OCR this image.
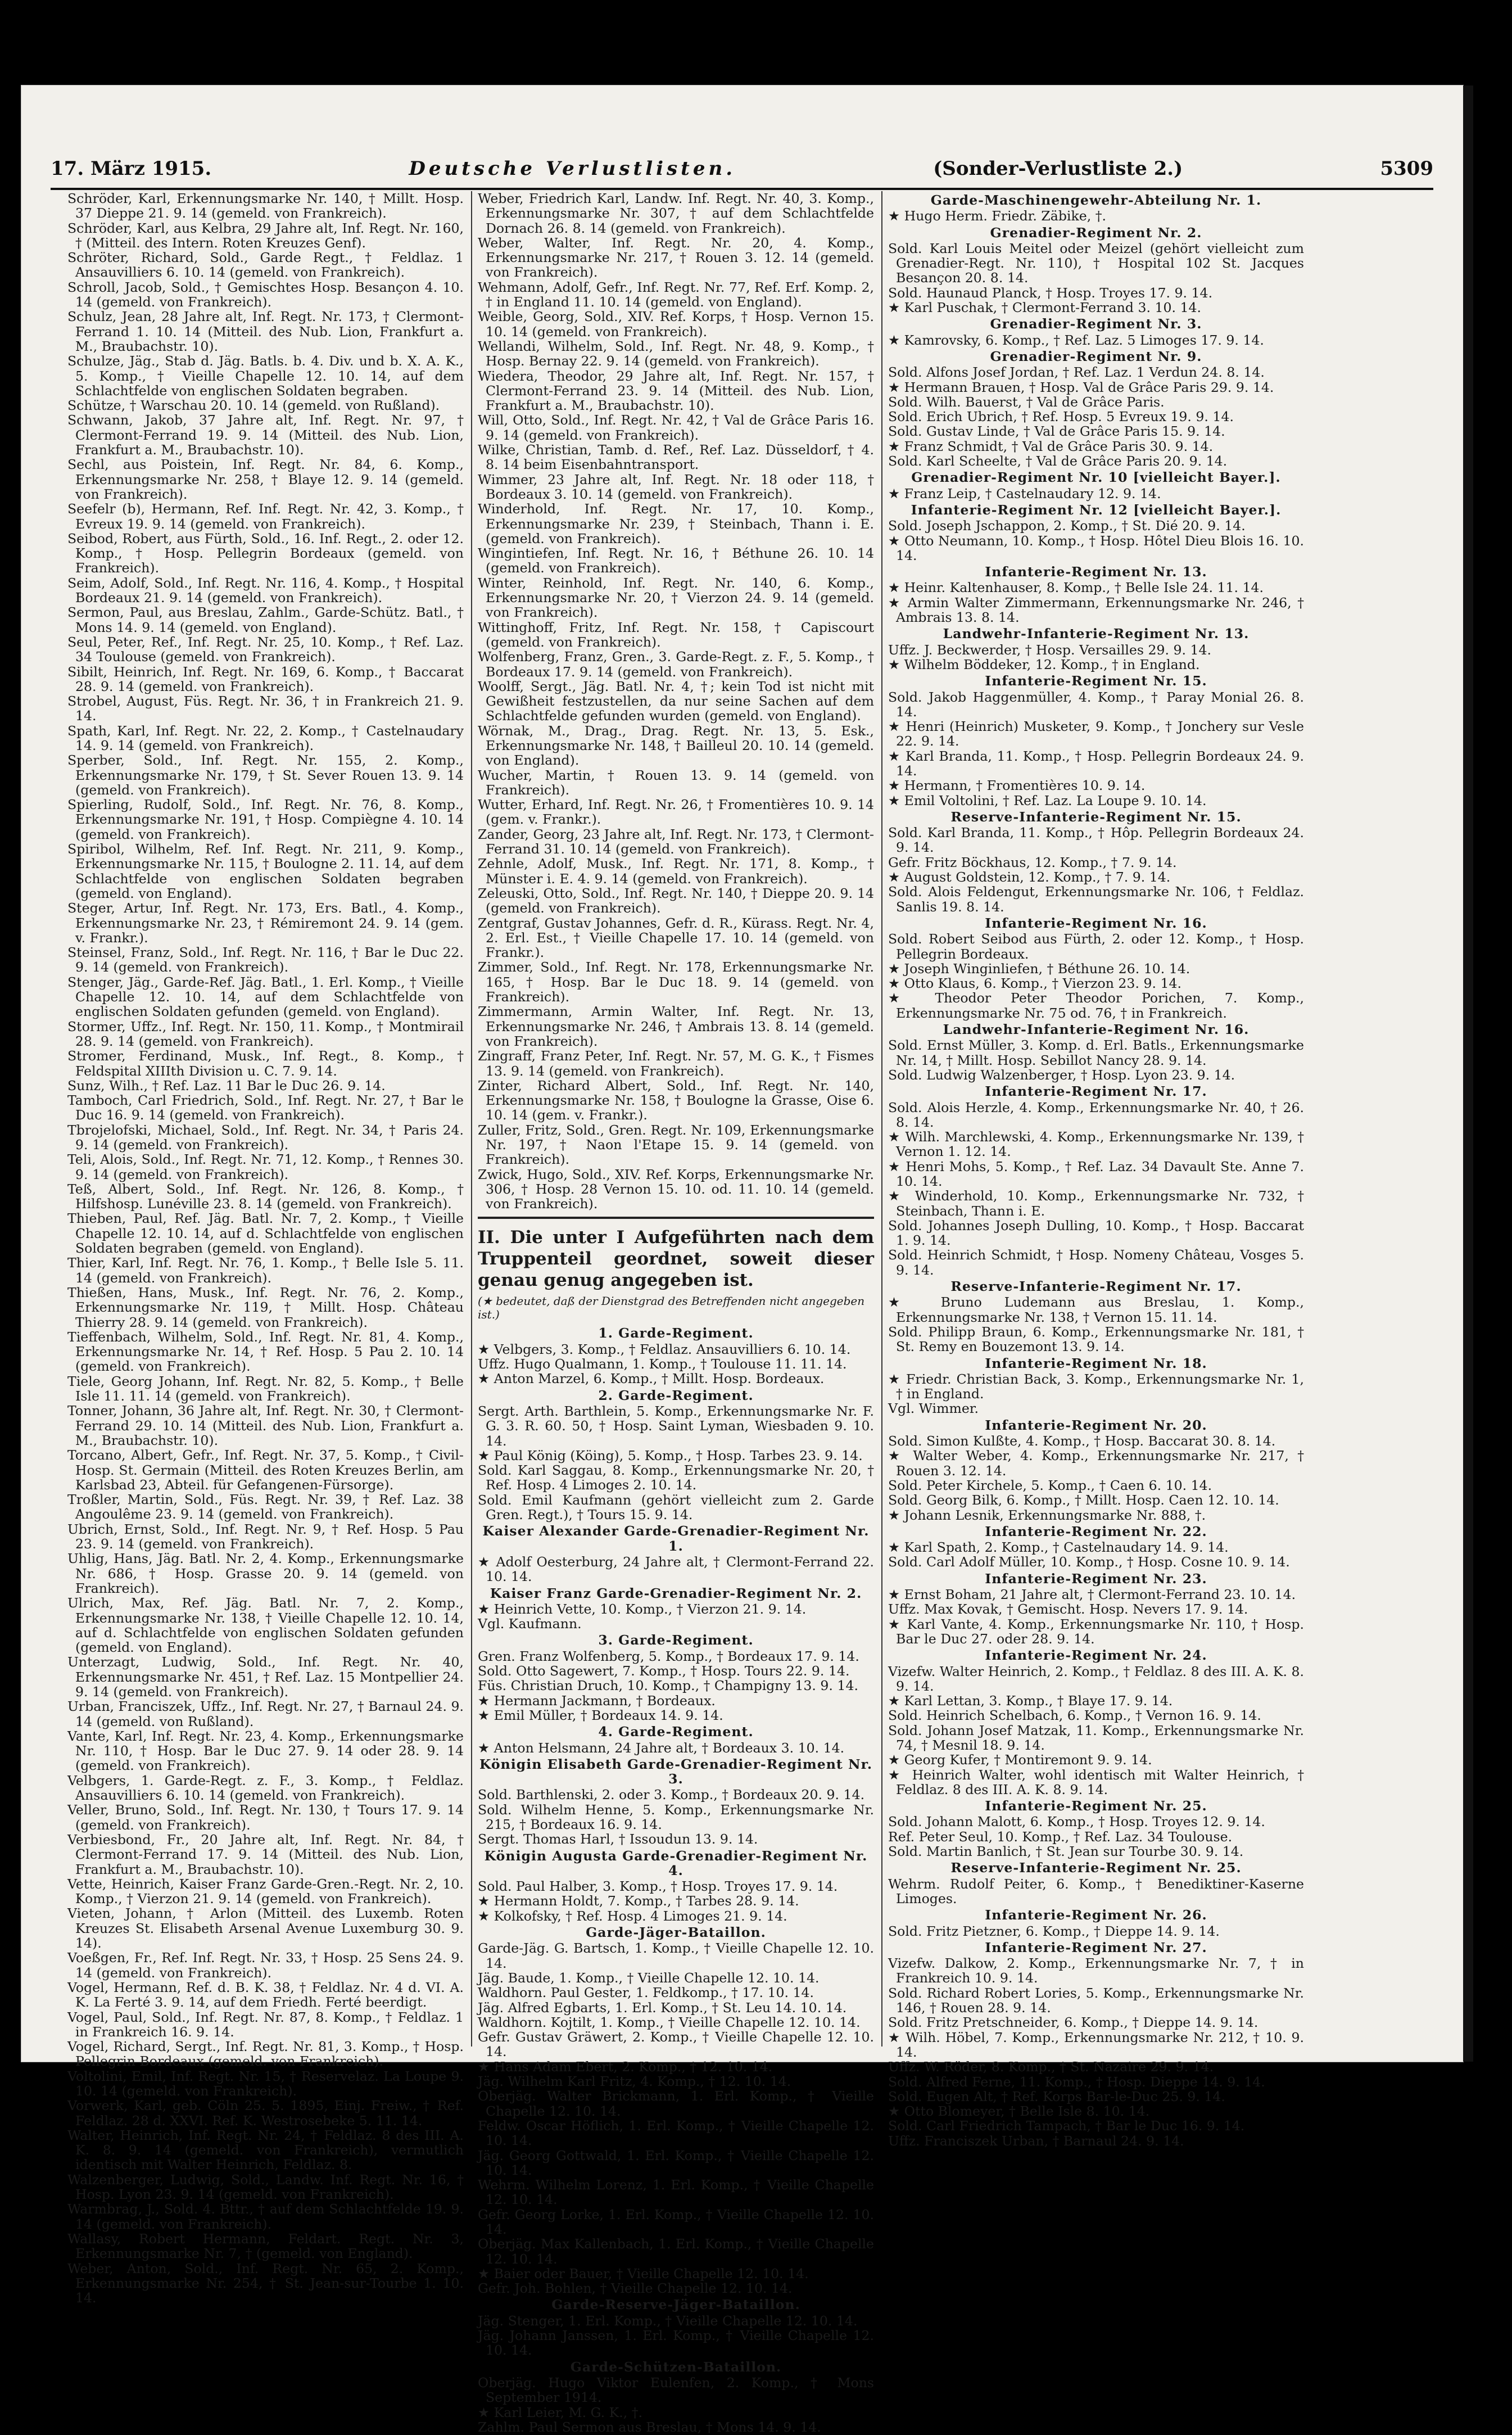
17. März 1915.	Deutsche Verlustlisten.	(Sonder-Verlustliste 2.)	5309

Schröder, Karl, Erkennungsmarke Nr. 140, † Millt. Hosp. 37 Dieppe 21. 9. 14 (gemeld. von Frankreich).

Schröder, Karl, aus Kelbra, 29 Jahre alt, Inf. Regt. Nr. 160, † (Mitteil. des Intern. Roten Kreuzes Genf).

Schröter, Richard, Sold., Garde Regt., † Feldlaz. 1 Ansauvilliers 6. 10. 14 (gemeld. von Frankreich).

Schroll, Jacob, Sold., † Gemischtes Hosp. Besançon 4. 10. 14 (gemeld. von Frankreich).

Schulz, Jean, 28 Jahre alt, Inf. Regt. Nr. 173, † Clermont-Ferrand 1. 10. 14 (Mitteil. des Nub. Lion, Frankfurt a. M., Braubachstr. 10).

Schulze, Jäg., Stab d. Jäg. Batls. b. 4. Div. und b. X. A. K., 5. Komp., † Vieille Chapelle 12. 10. 14, auf dem Schlachtfelde von englischen Soldaten begraben.

Schütze, † Warschau 20. 10. 14 (gemeld. von Rußland).

Schwann, Jakob, 37 Jahre alt, Inf. Regt. Nr. 97, † Clermont-Ferrand 19. 9. 14 (Mitteil. des Nub. Lion, Frankfurt a. M., Braubachstr. 10).

Sechl, aus Poistein, Inf. Regt. Nr. 84, 6. Komp., Erkennungsmarke Nr. 258, † Blaye 12. 9. 14 (gemeld. von Frankreich).

Seefelr (b), Hermann, Ref. Inf. Regt. Nr. 42, 3. Komp., † Evreux 19. 9. 14 (gemeld. von Frankreich).

Seibod, Robert, aus Fürth, Sold., 16. Inf. Regt., 2. oder 12. Komp., † Hosp. Pellegrin Bordeaux (gemeld. von Frankreich).

Seim, Adolf, Sold., Inf. Regt. Nr. 116, 4. Komp., † Hospital Bordeaux 21. 9. 14 (gemeld. von Frankreich).

Sermon, Paul, aus Breslau, Zahlm., Garde-Schütz. Batl., † Mons 14. 9. 14 (gemeld. von England).

Seul, Peter, Ref., Inf. Regt. Nr. 25, 10. Komp., † Ref. Laz. 34 Toulouse (gemeld. von Frankreich).

Sibilt, Heinrich, Inf. Regt. Nr. 169, 6. Komp., † Baccarat 28. 9. 14 (gemeld. von Frankreich).

Strobel, August, Füs. Regt. Nr. 36, † in Frankreich 21. 9. 14.

Spath, Karl, Inf. Regt. Nr. 22, 2. Komp., † Castelnaudary 14. 9. 14 (gemeld. von Frankreich).

Sperber, Sold., Inf. Regt. Nr. 155, 2. Komp., Erkennungsmarke Nr. 179, † St. Sever Rouen 13. 9. 14 (gemeld. von Frankreich).

Spierling, Rudolf, Sold., Inf. Regt. Nr. 76, 8. Komp., Erkennungsmarke Nr. 191, † Hosp. Compiègne 4. 10. 14 (gemeld. von Frankreich).

Spiribol, Wilhelm, Ref. Inf. Regt. Nr. 211, 9. Komp., Erkennungsmarke Nr. 115, † Boulogne 2. 11. 14, auf dem Schlachtfelde von englischen Soldaten begraben (gemeld. von England).

Steger, Artur, Inf. Regt. Nr. 173, Ers. Batl., 4. Komp., Erkennungsmarke Nr. 23, † Rémiremont 24. 9. 14 (gem. v. Frankr.).

Steinsel, Franz, Sold., Inf. Regt. Nr. 116, † Bar le Duc 22. 9. 14 (gemeld. von Frankreich).

Stenger, Jäg., Garde-Ref. Jäg. Batl., 1. Erl. Komp., † Vieille Chapelle 12. 10. 14, auf dem Schlachtfelde von englischen Soldaten gefunden (gemeld. von England).

Stormer, Uffz., Inf. Regt. Nr. 150, 11. Komp., † Montmirail 28. 9. 14 (gemeld. von Frankreich).

Stromer, Ferdinand, Musk., Inf. Regt., 8. Komp., † Feldspital XIIIth Division u. C. 7. 9. 14.

Sunz, Wilh., † Ref. Laz. 11 Bar le Duc 26. 9. 14.

Tamboch, Carl Friedrich, Sold., Inf. Regt. Nr. 27, † Bar le Duc 16. 9. 14 (gemeld. von Frankreich).

Tbrojelofski, Michael, Sold., Inf. Regt. Nr. 34, † Paris 24. 9. 14 (gemeld. von Frankreich).

Teli, Alois, Sold., Inf. Regt. Nr. 71, 12. Komp., † Rennes 30. 9. 14 (gemeld. von Frankreich).

Teß, Albert, Sold., Inf. Regt. Nr. 126, 8. Komp., † Hilfshosp. Lunéville 23. 8. 14 (gemeld. von Frankreich).

Thieben, Paul, Ref. Jäg. Batl. Nr. 7, 2. Komp., † Vieille Chapelle 12. 10. 14, auf d. Schlachtfelde von englischen Soldaten begraben (gemeld. von England).

Thier, Karl, Inf. Regt. Nr. 76, 1. Komp., † Belle Isle 5. 11. 14 (gemeld. von Frankreich).

Thießen, Hans, Musk., Inf. Regt. Nr. 76, 2. Komp., Erkennungsmarke Nr. 119, † Millt. Hosp. Château Thierry 28. 9. 14 (gemeld. von Frankreich).

Tieffenbach, Wilhelm, Sold., Inf. Regt. Nr. 81, 4. Komp., Erkennungsmarke Nr. 14, † Ref. Hosp. 5 Pau 2. 10. 14 (gemeld. von Frankreich).

Tiele, Georg Johann, Inf. Regt. Nr. 82, 5. Komp., † Belle Isle 11. 11. 14 (gemeld. von Frankreich).

Tonner, Johann, 36 Jahre alt, Inf. Regt. Nr. 30, † Clermont-Ferrand 29. 10. 14 (Mitteil. des Nub. Lion, Frankfurt a. M., Braubachstr. 10).

Torcano, Albert, Gefr., Inf. Regt. Nr. 37, 5. Komp., † Civil-Hosp. St. Germain (Mitteil. des Roten Kreuzes Berlin, am Karlsbad 23, Abteil. für Gefangenen-Fürsorge).

Troßler, Martin, Sold., Füs. Regt. Nr. 39, † Ref. Laz. 38 Angoulême 23. 9. 14 (gemeld. von Frankreich).

Ubrich, Ernst, Sold., Inf. Regt. Nr. 9, † Ref. Hosp. 5 Pau 23. 9. 14 (gemeld. von Frankreich).

Uhlig, Hans, Jäg. Batl. Nr. 2, 4. Komp., Erkennungsmarke Nr. 686, † Hosp. Grasse 20. 9. 14 (gemeld. von Frankreich).

Ulrich, Max, Ref. Jäg. Batl. Nr. 7, 2. Komp., Erkennungsmarke Nr. 138, † Vieille Chapelle 12. 10. 14, auf d. Schlachtfelde von englischen Soldaten gefunden (gemeld. von England).

Unterzagt, Ludwig, Sold., Inf. Regt. Nr. 40, Erkennungsmarke Nr. 451, † Ref. Laz. 15 Montpellier 24. 9. 14 (gemeld. von Frankreich).

Urban, Franciszek, Uffz., Inf. Regt. Nr. 27, † Barnaul 24. 9. 14 (gemeld. von Rußland).

Vante, Karl, Inf. Regt. Nr. 23, 4. Komp., Erkennungsmarke Nr. 110, † Hosp. Bar le Duc 27. 9. 14 oder 28. 9. 14 (gemeld. von Frankreich).

Velbgers, 1. Garde-Regt. z. F., 3. Komp., † Feldlaz. Ansauvilliers 6. 10. 14 (gemeld. von Frankreich).

Veller, Bruno, Sold., Inf. Regt. Nr. 130, † Tours 17. 9. 14 (gemeld. von Frankreich).

Verbiesbond, Fr., 20 Jahre alt, Inf. Regt. Nr. 84, † Clermont-Ferrand 17. 9. 14 (Mitteil. des Nub. Lion, Frankfurt a. M., Braubachstr. 10).

Vette, Heinrich, Kaiser Franz Garde-Gren.-Regt. Nr. 2, 10. Komp., † Vierzon 21. 9. 14 (gemeld. von Frankreich).

Vieten, Johann, † Arlon (Mitteil. des Luxemb. Roten Kreuzes St. Elisabeth Arsenal Avenue Luxemburg 30. 9. 14).

Voeßgen, Fr., Ref. Inf. Regt. Nr. 33, † Hosp. 25 Sens 24. 9. 14 (gemeld. von Frankreich).

Vogel, Hermann, Ref. d. B. K. 38, † Feldlaz. Nr. 4 d. VI. A. K. La Ferté 3. 9. 14, auf dem Friedh. Ferté beerdigt.

Vogel, Paul, Sold., Inf. Regt. Nr. 87, 8. Komp., † Feldlaz. 1 in Frankreich 16. 9. 14.

Vogel, Richard, Sergt., Inf. Regt. Nr. 81, 3. Komp., † Hosp. Pellegrin Bordeaux (gemeld. von Frankreich).

Voltolini, Emil, Inf. Regt. Nr. 15, † Reservelaz. La Loupe 9. 10. 14 (gemeld. von Frankreich).

Vorwerk, Karl, geb. Cöln 25. 5. 1895, Einj. Freiw., † Ref. Feldlaz. 28 d. XXVI. Ref. K. Westrosebeke 5. 11. 14.

Walter, Heinrich, Inf. Regt. Nr. 24, † Feldlaz. 8 des III. A. K. 8. 9. 14 (gemeld. von Frankreich), vermutlich identisch mit Walter Heinrich, Feldlaz. 8.

Walzenberger, Ludwig, Sold., Landw. Inf. Regt. Nr. 16, † Hosp. Lyon 23. 9. 14 (gemeld. von Frankreich).

Warmbrag, J., Sold. 4. Bttr., † auf dem Schlachtfelde 19. 9. 14 (gemeld. von Frankreich).

Wallasy, Robert Hermann, Feldart. Regt. Nr. 3, Erkennungsmarke Nr. 7, † (gemeld. von England).

Weber, Anton, Sold., Inf. Regt. Nr. 65, 2. Komp., Erkennungsmarke Nr. 254, † St. Jean-sur-Tourbe 1. 10. 14.

Weber, Friedrich Karl, Landw. Inf. Regt. Nr. 40, 3. Komp., Erkennungsmarke Nr. 307, † auf dem Schlachtfelde Dornach 26. 8. 14 (gemeld. von Frankreich).

Weber, Walter, Inf. Regt. Nr. 20, 4. Komp., Erkennungsmarke Nr. 217, † Rouen 3. 12. 14 (gemeld. von Frankreich).

Wehmann, Adolf, Gefr., Inf. Regt. Nr. 77, Ref. Erf. Komp. 2, † in England 11. 10. 14 (gemeld. von England).

Weible, Georg, Sold., XIV. Ref. Korps, † Hosp. Vernon 15. 10. 14 (gemeld. von Frankreich).

Wellandi, Wilhelm, Sold., Inf. Regt. Nr. 48, 9. Komp., † Hosp. Bernay 22. 9. 14 (gemeld. von Frankreich).

Wiedera, Theodor, 29 Jahre alt, Inf. Regt. Nr. 157, † Clermont-Ferrand 23. 9. 14 (Mitteil. des Nub. Lion, Frankfurt a. M., Braubachstr. 10).

Will, Otto, Sold., Inf. Regt. Nr. 42, † Val de Grâce Paris 16. 9. 14 (gemeld. von Frankreich).

Wilke, Christian, Tamb. d. Ref., Ref. Laz. Düsseldorf, † 4. 8. 14 beim Eisenbahntransport.

Wimmer, 23 Jahre alt, Inf. Regt. Nr. 18 oder 118, † Bordeaux 3. 10. 14 (gemeld. von Frankreich).

Winderhold, Inf. Regt. Nr. 17, 10. Komp., Erkennungsmarke Nr. 239, † Steinbach, Thann i. E. (gemeld. von Frankreich).

Wingintiefen, Inf. Regt. Nr. 16, † Béthune 26. 10. 14 (gemeld. von Frankreich).

Winter, Reinhold, Inf. Regt. Nr. 140, 6. Komp., Erkennungsmarke Nr. 20, † Vierzon 24. 9. 14 (gemeld. von Frankreich).

Wittinghoff, Fritz, Inf. Regt. Nr. 158, † Capiscourt (gemeld. von Frankreich).

Wolfenberg, Franz, Gren., 3. Garde-Regt. z. F., 5. Komp., † Bordeaux 17. 9. 14 (gemeld. von Frankreich).

Woolff, Sergt., Jäg. Batl. Nr. 4, †; kein Tod ist nicht mit Gewißheit festzustellen, da nur seine Sachen auf dem Schlachtfelde gefunden wurden (gemeld. von England).

Wörnak, M., Drag., Drag. Regt. Nr. 13, 5. Esk., Erkennungsmarke Nr. 148, † Bailleul 20. 10. 14 (gemeld. von England).

Wucher, Martin, † Rouen 13. 9. 14 (gemeld. von Frankreich).

Wutter, Erhard, Inf. Regt. Nr. 26, † Fromentières 10. 9. 14 (gem. v. Frankr.).

Zander, Georg, 23 Jahre alt, Inf. Regt. Nr. 173, † Clermont-Ferrand 31. 10. 14 (gemeld. von Frankreich).

Zehnle, Adolf, Musk., Inf. Regt. Nr. 171, 8. Komp., † Münster i. E. 4. 9. 14 (gemeld. von Frankreich).

Zeleuski, Otto, Sold., Inf. Regt. Nr. 140, † Dieppe 20. 9. 14 (gemeld. von Frankreich).

Zentgraf, Gustav Johannes, Gefr. d. R., Kürass. Regt. Nr. 4, 2. Erl. Est., † Vieille Chapelle 17. 10. 14 (gemeld. von Frankr.).

Zimmer, Sold., Inf. Regt. Nr. 178, Erkennungsmarke Nr. 165, † Hosp. Bar le Duc 18. 9. 14 (gemeld. von Frankreich).

Zimmermann, Armin Walter, Inf. Regt. Nr. 13, Erkennungsmarke Nr. 246, † Ambrais 13. 8. 14 (gemeld. von Frankreich).

Zingraff, Franz Peter, Inf. Regt. Nr. 57, M. G. K., † Fismes 13. 9. 14 (gemeld. von Frankreich).

Zinter, Richard Albert, Sold., Inf. Regt. Nr. 140, Erkennungsmarke Nr. 158, † Boulogne la Grasse, Oise 6. 10. 14 (gem. v. Frankr.).

Zuller, Fritz, Sold., Gren. Regt. Nr. 109, Erkennungsmarke Nr. 197, † Naon l'Etape 15. 9. 14 (gemeld. von Frankreich).

Zwick, Hugo, Sold., XIV. Ref. Korps, Erkennungsmarke Nr. 306, † Hosp. 28 Vernon 15. 10. od. 11. 10. 14 (gemeld. von Frankreich).

II. Die unter I Aufgeführten nach dem Truppenteil geordnet, soweit dieser genau genug angegeben ist.

(★ bedeutet, daß der Dienstgrad des Betreffenden nicht angegeben ist.)

1. Garde-Regiment.

★ Velbgers, 3. Komp., † Feldlaz. Ansauvilliers 6. 10. 14.

Uffz. Hugo Qualmann, 1. Komp., † Toulouse 11. 11. 14.

★ Anton Marzel, 6. Komp., † Millt. Hosp. Bordeaux.

2. Garde-Regiment.

Sergt. Arth. Barthlein, 5. Komp., Erkennungsmarke Nr. F. G. 3. R. 60. 50, † Hosp. Saint Lyman, Wiesbaden 9. 10. 14.

★ Paul König (Köing), 5. Komp., † Hosp. Tarbes 23. 9. 14.

Sold. Karl Saggau, 8. Komp., Erkennungsmarke Nr. 20, † Ref. Hosp. 4 Limoges 2. 10. 14.

Sold. Emil Kaufmann (gehört vielleicht zum 2. Garde Gren. Regt.), † Tours 15. 9. 14.

Kaiser Alexander Garde-Grenadier-Regiment Nr. 1.

★ Adolf Oesterburg, 24 Jahre alt, † Clermont-Ferrand 22. 10. 14.

Kaiser Franz Garde-Grenadier-Regiment Nr. 2.

★ Heinrich Vette, 10. Komp., † Vierzon 21. 9. 14.

Vgl. Kaufmann.

3. Garde-Regiment.

Gren. Franz Wolfenberg, 5. Komp., † Bordeaux 17. 9. 14.

Sold. Otto Sagewert, 7. Komp., † Hosp. Tours 22. 9. 14.

Füs. Christian Druch, 10. Komp., † Champigny 13. 9. 14.

★ Hermann Jackmann, † Bordeaux.

★ Emil Müller, † Bordeaux 14. 9. 14.

4. Garde-Regiment.

★ Anton Helsmann, 24 Jahre alt, † Bordeaux 3. 10. 14.

Königin Elisabeth Garde-Grenadier-Regiment Nr. 3.

Sold. Barthlenski, 2. oder 3. Komp., † Bordeaux 20. 9. 14.

Sold. Wilhelm Henne, 5. Komp., Erkennungsmarke Nr. 215, † Bordeaux 16. 9. 14.

Sergt. Thomas Harl, † Issoudun 13. 9. 14.

Königin Augusta Garde-Grenadier-Regiment Nr. 4.

Sold. Paul Halber, 3. Komp., † Hosp. Troyes 17. 9. 14.

★ Hermann Holdt, 7. Komp., † Tarbes 28. 9. 14.

★ Kolkofsky, † Ref. Hosp. 4 Limoges 21. 9. 14.

Garde-Jäger-Bataillon.

Garde-Jäg. G. Bartsch, 1. Komp., † Vieille Chapelle 12. 10. 14.

Jäg. Baude, 1. Komp., † Vieille Chapelle 12. 10. 14.

Waldhorn. Paul Gester, 1. Feldkomp., † 17. 10. 14.

Jäg. Alfred Egbarts, 1. Erl. Komp., † St. Leu 14. 10. 14.

Waldhorn. Kojtilt, 1. Komp., † Vieille Chapelle 12. 10. 14.

Gefr. Gustav Gräwert, 2. Komp., † Vieille Chapelle 12. 10. 14.

★ Hans Adam Ebert, 2. Komp., † 12. 10. 14.

Jäg. Wilhelm Karl Fritz, 4. Komp., † 12. 10. 14.

Oberjäg. Walter Brickmann, 1. Erl. Komp., † Vieille Chapelle 12. 10. 14.

Feldw. Oscar Höflich, 1. Erl. Komp., † Vieille Chapelle 12. 10. 14.

Jäg. Georg Gottwald, 1. Erl. Komp., † Vieille Chapelle 12. 10. 14.

Wehrm. Wilhelm Lorenz, 1. Erl. Komp., † Vieille Chapelle 12. 10. 14.

Gefr. Georg Lorke, 1. Erl. Komp., † Vieille Chapelle 12. 10. 14.

Oberjäg. Max Kallenbach, 1. Erl. Komp., † Vieille Chapelle 12. 10. 14.

★ Baier oder Bauer, † Vieille Chapelle 12. 10. 14.

Gefr. Joh. Bohlen, † Vieille Chapelle 12. 10. 14.

Garde-Reserve-Jäger-Bataillon.

Jäg. Stenger, 1. Erl. Komp., † Vieille Chapelle 12. 10. 14.

Jäg. Johann Janssen, 1. Erl. Komp., † Vieille Chapelle 12. 10. 14.

Garde-Schützen-Bataillon.

Oberjäg. Hugo Viktor Eulenfen, 2. Komp., † Mons September 1914.

★ Karl Leier, M. G. K., †.

Zahlm. Paul Sermon aus Breslau, † Mons 14. 9. 14.

Garde-Maschinengewehr-Abteilung Nr. 1.

★ Hugo Herm. Friedr. Zäbike, †.

Grenadier-Regiment Nr. 2.

Sold. Karl Louis Meitel oder Meizel (gehört vielleicht zum Grenadier-Regt. Nr. 110), † Hospital 102 St. Jacques Besançon 20. 8. 14.

Sold. Haunaud Planck, † Hosp. Troyes 17. 9. 14.

★ Karl Puschak, † Clermont-Ferrand 3. 10. 14.

Grenadier-Regiment Nr. 3.

★ Kamrovsky, 6. Komp., † Ref. Laz. 5 Limoges 17. 9. 14.

Grenadier-Regiment Nr. 9.

Sold. Alfons Josef Jordan, † Ref. Laz. 1 Verdun 24. 8. 14.

★ Hermann Brauen, † Hosp. Val de Grâce Paris 29. 9. 14.

Sold. Wilh. Bauerst, † Val de Grâce Paris.

Sold. Erich Ubrich, † Ref. Hosp. 5 Evreux 19. 9. 14.

Sold. Gustav Linde, † Val de Grâce Paris 15. 9. 14.

★ Franz Schmidt, † Val de Grâce Paris 30. 9. 14.

Sold. Karl Scheelte, † Val de Grâce Paris 20. 9. 14.

Grenadier-Regiment Nr. 10 [vielleicht Bayer.].

★ Franz Leip, † Castelnaudary 12. 9. 14.

Infanterie-Regiment Nr. 12 [vielleicht Bayer.].

Sold. Joseph Jschappon, 2. Komp., † St. Dié 20. 9. 14.

★ Otto Neumann, 10. Komp., † Hosp. Hôtel Dieu Blois 16. 10. 14.

Infanterie-Regiment Nr. 13.

★ Heinr. Kaltenhauser, 8. Komp., † Belle Isle 24. 11. 14.

★ Armin Walter Zimmermann, Erkennungsmarke Nr. 246, † Ambrais 13. 8. 14.

Landwehr-Infanterie-Regiment Nr. 13.

Uffz. J. Beckwerder, † Hosp. Versailles 29. 9. 14.

★ Wilhelm Böddeker, 12. Komp., † in England.

Infanterie-Regiment Nr. 15.

Sold. Jakob Haggenmüller, 4. Komp., † Paray Monial 26. 8. 14.

★ Henri (Heinrich) Musketer, 9. Komp., † Jonchery sur Vesle 22. 9. 14.

★ Karl Branda, 11. Komp., † Hosp. Pellegrin Bordeaux 24. 9. 14.

★ Hermann, † Fromentières 10. 9. 14.

★ Emil Voltolini, † Ref. Laz. La Loupe 9. 10. 14.

Reserve-Infanterie-Regiment Nr. 15.

Sold. Karl Branda, 11. Komp., † Hôp. Pellegrin Bordeaux 24. 9. 14.

Gefr. Fritz Böckhaus, 12. Komp., † 7. 9. 14.

★ August Goldstein, 12. Komp., † 7. 9. 14.

Sold. Alois Feldengut, Erkennungsmarke Nr. 106, † Feldlaz. Sanlis 19. 8. 14.

Infanterie-Regiment Nr. 16.

Sold. Robert Seibod aus Fürth, 2. oder 12. Komp., † Hosp. Pellegrin Bordeaux.

★ Joseph Winginliefen, † Béthune 26. 10. 14.

★ Otto Klaus, 6. Komp., † Vierzon 23. 9. 14.

★ Theodor Peter Theodor Porichen, 7. Komp., Erkennungsmarke Nr. 75 od. 76, † in Frankreich.

Landwehr-Infanterie-Regiment Nr. 16.

Sold. Ernst Müller, 3. Komp. d. Erl. Batls., Erkennungsmarke Nr. 14, † Millt. Hosp. Sebillot Nancy 28. 9. 14.

Sold. Ludwig Walzenberger, † Hosp. Lyon 23. 9. 14.

Infanterie-Regiment Nr. 17.

Sold. Alois Herzle, 4. Komp., Erkennungsmarke Nr. 40, † 26. 8. 14.

★ Wilh. Marchlewski, 4. Komp., Erkennungsmarke Nr. 139, † Vernon 1. 12. 14.

★ Henri Mohs, 5. Komp., † Ref. Laz. 34 Davault Ste. Anne 7. 10. 14.

★ Winderhold, 10. Komp., Erkennungsmarke Nr. 732, † Steinbach, Thann i. E.

Sold. Johannes Joseph Dulling, 10. Komp., † Hosp. Baccarat 1. 9. 14.

Sold. Heinrich Schmidt, † Hosp. Nomeny Château, Vosges 5. 9. 14.

Reserve-Infanterie-Regiment Nr. 17.

★ Bruno Ludemann aus Breslau, 1. Komp., Erkennungsmarke Nr. 138, † Vernon 15. 11. 14.

Sold. Philipp Braun, 6. Komp., Erkennungsmarke Nr. 181, † St. Remy en Bouzemont 13. 9. 14.

Infanterie-Regiment Nr. 18.

★ Friedr. Christian Back, 3. Komp., Erkennungsmarke Nr. 1, † in England.

Vgl. Wimmer.

Infanterie-Regiment Nr. 20.

Sold. Simon Kulßte, 4. Komp., † Hosp. Baccarat 30. 8. 14.

★ Walter Weber, 4. Komp., Erkennungsmarke Nr. 217, † Rouen 3. 12. 14.

Sold. Peter Kirchele, 5. Komp., † Caen 6. 10. 14.

Sold. Georg Bilk, 6. Komp., † Millt. Hosp. Caen 12. 10. 14.

★ Johann Lesnik, Erkennungsmarke Nr. 888, †.

Infanterie-Regiment Nr. 22.

★ Karl Spath, 2. Komp., † Castelnaudary 14. 9. 14.

Sold. Carl Adolf Müller, 10. Komp., † Hosp. Cosne 10. 9. 14.

Infanterie-Regiment Nr. 23.

★ Ernst Boham, 21 Jahre alt, † Clermont-Ferrand 23. 10. 14.

Uffz. Max Kovak, † Gemischt. Hosp. Nevers 17. 9. 14.

★ Karl Vante, 4. Komp., Erkennungsmarke Nr. 110, † Hosp. Bar le Duc 27. oder 28. 9. 14.

Infanterie-Regiment Nr. 24.

Vizefw. Walter Heinrich, 2. Komp., † Feldlaz. 8 des III. A. K. 8. 9. 14.

★ Karl Lettan, 3. Komp., † Blaye 17. 9. 14.

Sold. Heinrich Schelbach, 6. Komp., † Vernon 16. 9. 14.

Sold. Johann Josef Matzak, 11. Komp., Erkennungsmarke Nr. 74, † Mesnil 18. 9. 14.

★ Georg Kufer, † Montiremont 9. 9. 14.

★ Heinrich Walter, wohl identisch mit Walter Heinrich, † Feldlaz. 8 des III. A. K. 8. 9. 14.

Infanterie-Regiment Nr. 25.

Sold. Johann Malott, 6. Komp., † Hosp. Troyes 12. 9. 14.

Ref. Peter Seul, 10. Komp., † Ref. Laz. 34 Toulouse.

Sold. Martin Banlich, † St. Jean sur Tourbe 30. 9. 14.

Reserve-Infanterie-Regiment Nr. 25.

Wehrm. Rudolf Peiter, 6. Komp., † Benediktiner-Kaserne Limoges.

Infanterie-Regiment Nr. 26.

Sold. Fritz Pietzner, 6. Komp., † Dieppe 14. 9. 14.

Infanterie-Regiment Nr. 27.

Vizefw. Dalkow, 2. Komp., Erkennungsmarke Nr. 7, † in Frankreich 10. 9. 14.

Sold. Richard Robert Lories, 5. Komp., Erkennungsmarke Nr. 146, † Rouen 28. 9. 14.

Sold. Fritz Pretschneider, 6. Komp., † Dieppe 14. 9. 14.

★ Wilh. Höbel, 7. Komp., Erkennungsmarke Nr. 212, † 10. 9. 14.

Uffz. W. Röder, 8. Komp., † St. Nazaire 29. 9. 14.

Sold. Alfred Ferne, 11. Komp., † Hosp. Dieppe 14. 9. 14.

Sold. Eugen Alt, † Ref. Korps Bar-le-Duc 25. 9. 14.

★ Otto Blomeyer, † Belle Isle 8. 10. 14.

Sold. Carl Friedrich Tampach, † Bar le Duc 16. 9. 14.

Uffz. Franciszek Urban, † Barnaul 24. 9. 14.
